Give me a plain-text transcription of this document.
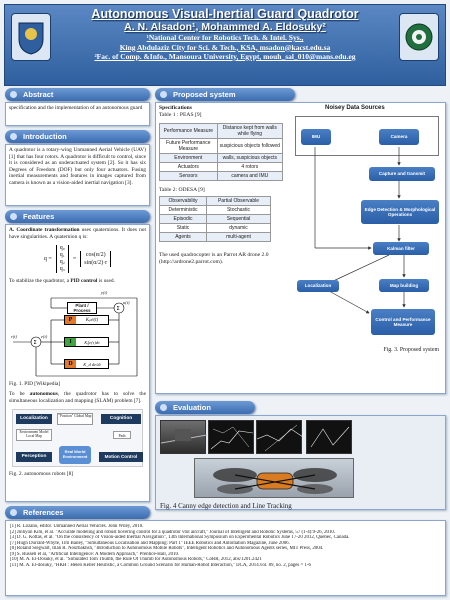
Autonomous Visual-Inertial Guard Quadrotor
A. N. Alsadon¹, Mohammed A. Eldosuky²
¹National Center for Robotics Tech. & Intel. Sys.,
King Abdulaziz City for Sci. & Tech., KSA, msadon@kacst.edu.sa
²Fac. of Comp. &Info., Mansoura University, Egypt, mouh_sal_010@mans.edu.eg
Abstract
specification and the implementation of an autonomous guard
Introduction
A quadrotor is a rotary-wing Unmanned Aerial Vehicle (UAV)[1] that has four rotors. A quadrotor is difficult to control, since it is considered as an underactuated system [2]. So it has six Degrees of Freedom (DOF) but only four actuators. Fusing inertial measurements and features in images captured from camera is known as a vision-aided inertial navigation [3].
Features
A. Coordinate transformation uses quaternions. It does not have singularities. A quaternion q is:
q =
q₀
q₁
q₂
q₃
=
cos(α/2)
sin(α/2)·r
To stabilize the quadrotor, a PID control is used.
Σ
Σ
Plant / Process
P	Kₚe(t)
I	Kᵢ∫e(τ)dτ
D	K_d de/dt
r(t)	e(t)
y(t)
u(t)
Fig. 1. PID [Wikipedia]
To be autonomous, the quadrotor has to solve the simultaneous localization and mapping (SLAM) problem [7].
Localization	"Position" Global Map	Cognition
Environment Model Local Map	Path
Perception
Real World Environment	Motion Control
Fig. 2. autonomous robots [8]
Proposed system
Specifications
Table 1 : PEAS [9]
Performance Measure	Distance kept from walls while flying
Future Performance Measure	suspicious objects followed
Environment	walls, suspicious objects
Actuators	4 rotors
Sensors	camera and IMU
Table 2: ODESA [9]
Observability	Partial Observable
Deterministic	Stochastic
Episodic	Sequential
Static	dynamic
Agents	multi-agent
The used quadrocopter is an Parrot AR drone 2.0 (http://ardrone2.parrot.com).
Noisey Data Sources
IMU	Camera
Capture and transmit
Edge Detection & Morphological Operations
Kalman filter
Localization	Map building
Control and Performance Measure
Fig. 3. Proposed system
Evaluation
Fig. 4 Canny edge detection and Line Tracking
References
[1] R. Lozano, editor. Unmanned Aerial Vehicles. John Wiley, 2010.
[2] Jinhyun Kim, et al. "Accurate modeling and robust hovering control for a quadrotor vtol aircraft," Journal of Intelligent and Robotic Systems, 57 (1-4):9-26, 2010.
[3] D. G. Kottas, et al. "On the consistency of Vision-aided Inertial Navigation", 13th International Symposium on Experimental Robotics June 17-20 2012, Quebec, Canada.
[7] Hugh Durrant-Whyte, Tim Bailey, "Simultaneous Localisation and Mapping: Part 1" IEEE Robotics and Automation Magazine, June 2006.
[8] Roland Siegwart, Illah R. Nourbakhsh, "Introduction to Autonomous Mobile Robots", Intelligent Robotics and Autonomous Agents series, MIT Press, 2004.
[9] S. Russell et al, "Artificial Intelligence: A Modern Approach," Prentice-Hall, 2010.
[10] M. A. El-Dosuky, et al. "Simulated Tom Thumb, the Rule Of Thumb for Autonomous Robots," CoRR, 2012, abs/1201.2421
[11] M. A. El-dosuky, "HKH : Helen Keller Heuristic, a Common Ground Scenario for Human-Robot Interaction," IJCA, 2014.vol. 89, no. 2, pages = 1-6
